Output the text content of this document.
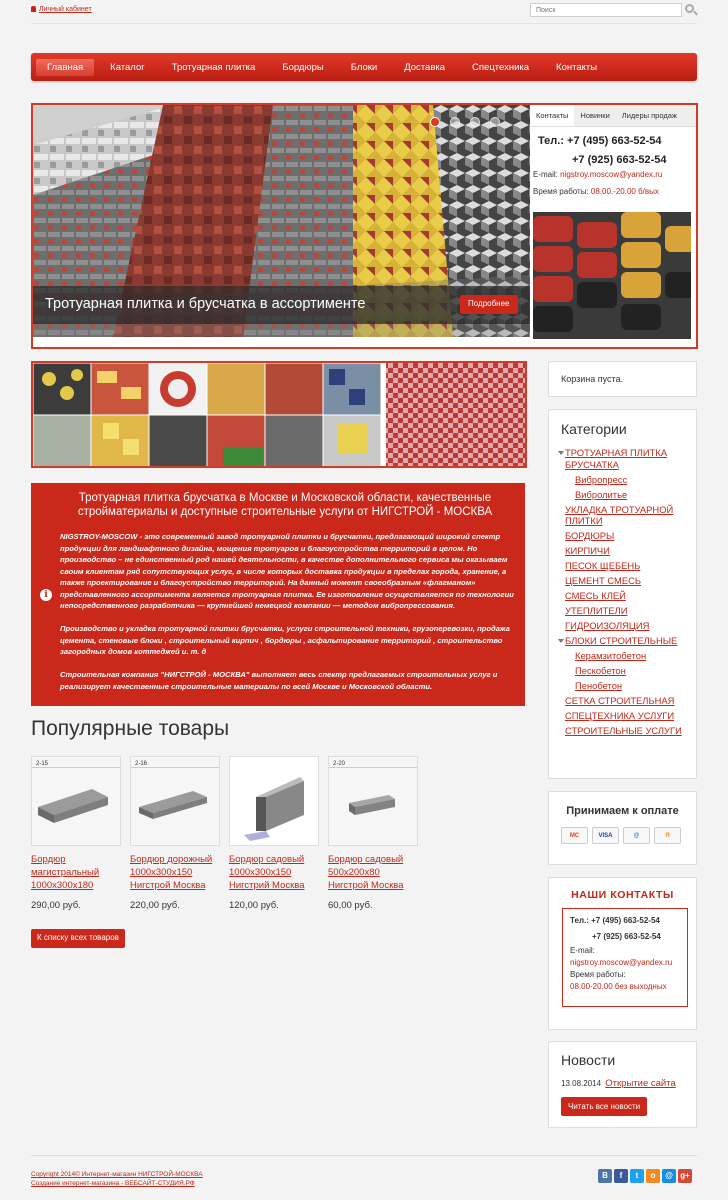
Личный кабинет
Поиск
Главная	Каталог	Тротуарная плитка	Бордюры	Блоки	Доставка	Спецтехника	Контакты
Тротуарная плитка и брусчатка в ассортименте	Подробнее
Контакты	Новинки	Лидеры продаж
Тел.: +7 (495) 663-52-54
+7 (925) 663-52-54
E-mail: nigstroy.moscow@yandex.ru
Время работы: 08.00.-20.00 б/вых
i
Тротуарная плитка брусчатка в Москве и Московской области, качественные стройматериалы и доступные строительные услуги от НИГСТРОЙ - МОСКВА

NIGSTROY-MOSCOW - это современный завод тротуарной плитки и брусчатки, предлагающий широкий спектр продукции для ландшафтного дизайна, мощения тротуаров и благоустройства территорий в целом. Но производство – не единственный род нашей деятельности, в качестве дополнительного сервиса мы оказываем своим клиентам ряд сопутствующих услуг, в числе которых доставка продукции в пределах города, хранение, а также проектирование и благоустройство территорий. На данный момент своеобразным «флагманом» представленного ассортимента является тротуарная плитка. Ее изготовление осуществляется по технологии непосредственного разработчика — крупнейшей немецкой компании — методом вибропрессования.

Производство и укладка тротуарной плитки брусчатки, услуги строительной техники, грузоперевозки, продажа цемента, стеновые блоки , строительный кирпич , бордюры , асфальтирование территорий , строительство загородных домов коттеджей и. т. д

Строительная компания "НИГСТРОЙ - МОСКВА" выполняет весь спектр предлагаемых строительных услуг и реализирует качественные строительные материалы по всей Москве и Московской области.

Популярные товары
2-15
Бордюр магистральный 1000х300х180
290,00 руб.
2-16
Бордюр дорожный 1000х300х150 Нигстрой Москва
220,00 руб.
Бордюр садовый 1000х300х150 Нигстрий Москва
120,00 руб.
2-20
Бордюр садовый 500х200х80 Нигстрой Москва
60,00 руб.
К списку всех товаров
Корзина пуста.
Категории
ТРОТУАРНАЯ ПЛИТКА БРУСЧАТКА
Вибропресс
Вибролитье
УКЛАДКА ТРОТУАРНОЙ ПЛИТКИ
БОРДЮРЫ
КИРПИЧИ
ПЕСОК ЩЕБЕНЬ
ЦЕМЕНТ СМЕСЬ
СМЕСЬ КЛЕЙ
УТЕПЛИТЕЛИ
ГИДРОИЗОЛЯЦИЯ
БЛОКИ СТРОИТЕЛЬНЫЕ
Керамзитобетон
Пескобетон
Пенобетон
СЕТКА СТРОИТЕЛЬНАЯ
СПЕЦТЕХНИКА УСЛУГИ
СТРОИТЕЛЬНЫЕ УСЛУГИ
Принимаем к оплате
MC	VISA	@	Я
НАШИ КОНТАКТЫ
Тел.: +7 (495) 663-52-54
+7 (925) 663-52-54
E-mail:
nigstroy.moscow@yandex.ru
Время работы:
08.00-20.00 без выходных
Новости
13.08.2014 Открытие сайта
Читать все новости
Copyright 2014© Интернет-магазин НИГСТРОЙ-МОСКВА
Создание интернет-магазина - ВЕБСАЙТ-СТУДИЯ.РФ
В	f	t	о	@ g+
